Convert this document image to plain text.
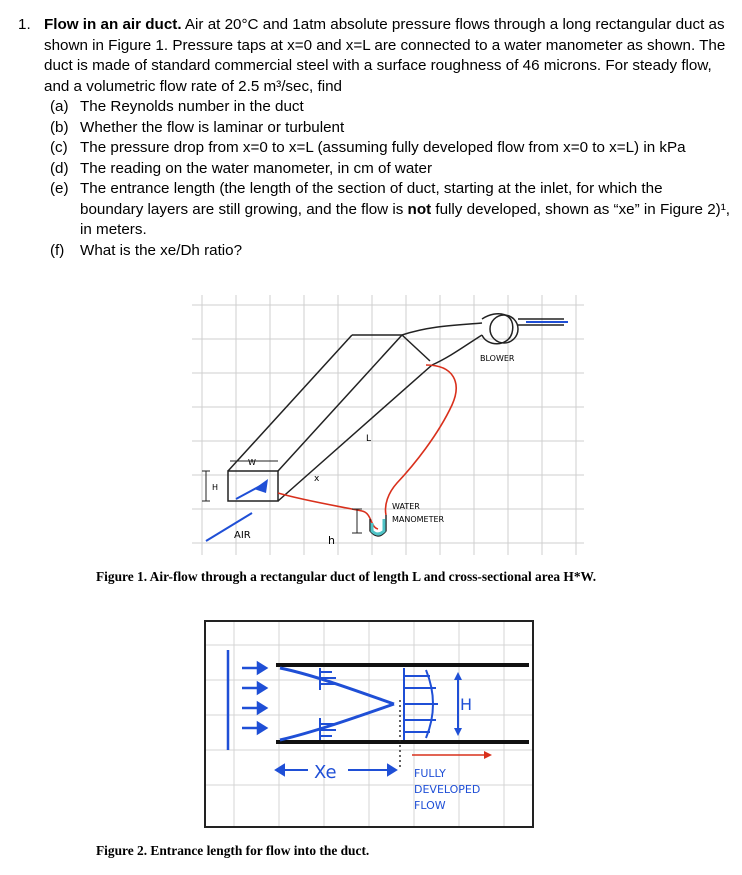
1. Flow in an air duct. Air at 20°C and 1atm absolute pressure flows through a long rectangular duct as shown in Figure 1. Pressure taps at x=0 and x=L are connected to a water manometer as shown. The duct is made of standard commercial steel with a surface roughness of 46 microns. For steady flow, and a volumetric flow rate of 2.5 m³/sec, find
(a) The Reynolds number in the duct
(b) Whether the flow is laminar or turbulent
(c) The pressure drop from x=0 to x=L (assuming fully developed flow from x=0 to x=L) in kPa
(d) The reading on the water manometer, in cm of water
(e) The entrance length (the length of the section of duct, starting at the inlet, for which the boundary layers are still growing, and the flow is not fully developed, shown as “xe” in Figure 2)¹, in meters.
(f) What is the xe/Dh ratio?
H
W
x
L
h
AIR
WATER
MANOMETER
BLOWER
Figure 1. Air-flow through a rectangular duct of length L and cross-sectional area H*W.
Xe
H
FULLY
DEVELOPED
FLOW
Figure 2. Entrance length for flow into the duct.
